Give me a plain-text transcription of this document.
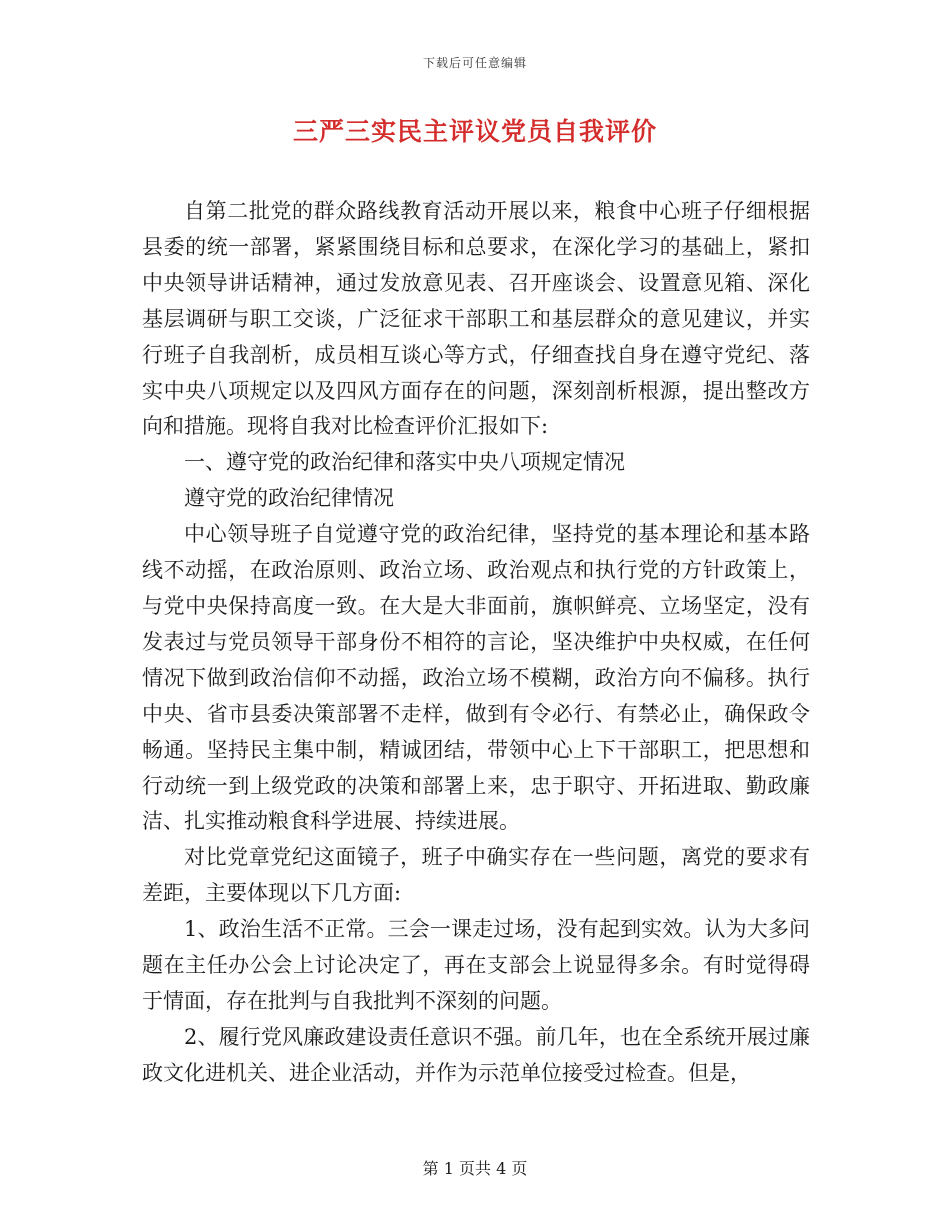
下载后可任意编辑
三严三实民主评议党员自我评价

自第二批党的群众路线教育活动开展以来，粮食中心班子仔细根据县委的统一部署，紧紧围绕目标和总要求，在深化学习的基础上，紧扣中央领导讲话精神，通过发放意见表、召开座谈会、设置意见箱、深化基层调研与职工交谈，广泛征求干部职工和基层群众的意见建议，并实行班子自我剖析，成员相互谈心等方式，仔细查找自身在遵守党纪、落实中央八项规定以及四风方面存在的问题，深刻剖析根源，提出整改方向和措施。现将自我对比检查评价汇报如下:

一、遵守党的政治纪律和落实中央八项规定情况

遵守党的政治纪律情况

中心领导班子自觉遵守党的政治纪律，坚持党的基本理论和基本路线不动摇，在政治原则、政治立场、政治观点和执行党的方针政策上，与党中央保持高度一致。在大是大非面前，旗帜鲜亮、立场坚定，没有发表过与党员领导干部身份不相符的言论，坚决维护中央权威，在任何情况下做到政治信仰不动摇，政治立场不模糊，政治方向不偏移。执行中央、省市县委决策部署不走样，做到有令必行、有禁必止，确保政令畅通。坚持民主集中制，精诚团结，带领中心上下干部职工，把思想和行动统一到上级党政的决策和部署上来，忠于职守、开拓进取、勤政廉洁、扎实推动粮食科学进展、持续进展。

对比党章党纪这面镜子，班子中确实存在一些问题，离党的要求有差距，主要体现以下几方面:

1、政治生活不正常。三会一课走过场，没有起到实效。认为大多问题在主任办公会上讨论决定了，再在支部会上说显得多余。有时觉得碍于情面，存在批判与自我批判不深刻的问题。

2、履行党风廉政建设责任意识不强。前几年，也在全系统开展过廉政文化进机关、进企业活动，并作为示范单位接受过检查。但是，

第 1 页共 4 页
